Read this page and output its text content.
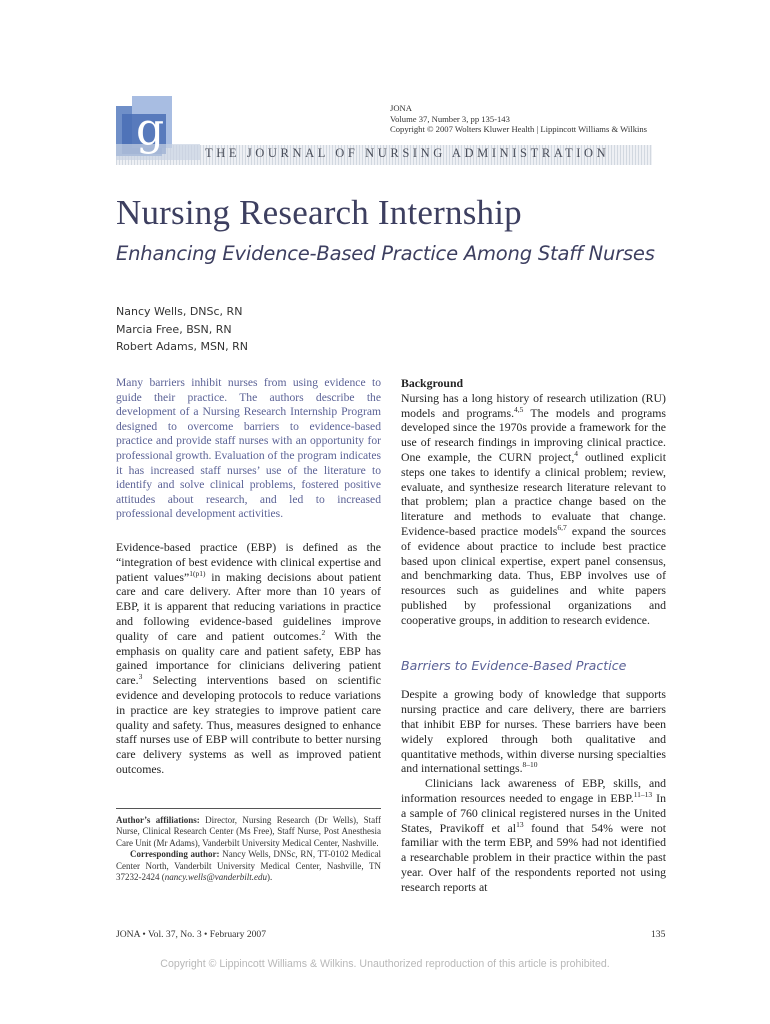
g	THE JOURNAL OF NURSING ADMINISTRATION
JONA
Volume 37, Number 3, pp 135-143
Copyright © 2007 Wolters Kluwer Health | Lippincott Williams & Wilkins
Nursing Research Internship
Enhancing Evidence-Based Practice Among Staff Nurses
Nancy Wells, DNSc, RN
Marcia Free, BSN, RN
Robert Adams, MSN, RN

Many barriers inhibit nurses from using evidence to guide their practice. The authors describe the development of a Nursing Research Internship Program designed to overcome barriers to evidence-based practice and provide staff nurses with an opportunity for professional growth. Evaluation of the program indicates it has increased staff nurses’ use of the literature to identify and solve clinical problems, fostered positive attitudes about research, and led to increased professional development activities.

Evidence-based practice (EBP) is defined as the “integration of best evidence with clinical expertise and patient values”$^{1(p1)}$ in making decisions about patient care and care delivery. After more than 10 years of EBP, it is apparent that reducing variations in practice and following evidence-based guidelines improve quality of care and patient outcomes.$^2$ With the emphasis on quality care and patient safety, EBP has gained importance for clinicians delivering patient care.$^3$ Selecting interventions based on scientific evidence and developing protocols to reduce variations in practice are key strategies to improve patient care quality and safety. Thus, measures designed to enhance staff nurses use of EBP will contribute to better nursing care delivery systems as well as improved patient outcomes.

Author’s affiliations: Director, Nursing Research (Dr Wells), Staff Nurse, Clinical Research Center (Ms Free), Staff Nurse, Post Anesthesia Care Unit (Mr Adams), Vanderbilt University Medical Center, Nashville.

Corresponding author: Nancy Wells, DNSc, RN, TT-0102 Medical Center North, Vanderbilt University Medical Center, Nashville, TN 37232-2424 (nancy.wells@vanderbilt.edu).

Background

Nursing has a long history of research utilization (RU) models and programs.$^{4,5}$ The models and programs developed since the 1970s provide a framework for the use of research findings in improving clinical practice. One example, the CURN project,$^4$ outlined explicit steps one takes to identify a clinical problem; review, evaluate, and synthesize research literature relevant to that problem; plan a practice change based on the literature and methods to evaluate that change. Evidence-based practice models$^{6,7}$ expand the sources of evidence about practice to include best practice based upon clinical expertise, expert panel consensus, and benchmarking data. Thus, EBP involves use of resources such as guidelines and white papers published by professional organizations and cooperative groups, in addition to research evidence.

Barriers to Evidence-Based Practice

Despite a growing body of knowledge that supports nursing practice and care delivery, there are barriers that inhibit EBP for nurses. These barriers have been widely explored through both qualitative and quantitative methods, within diverse nursing specialties and international settings.$^{8-10}$

Clinicians lack awareness of EBP, skills, and information resources needed to engage in EBP.$^{11-13}$ In a sample of 760 clinical registered nurses in the United States, Pravikoff et $al^{13}$ found that 54% were not familiar with the term EBP, and 59% had not identified a researchable problem in their practice within the past year. Over half of the respondents reported not using research reports at

JONA • Vol. 37, No. 3 • February 2007	135
Copyright © Lippincott Williams & Wilkins. Unauthorized reproduction of this article is prohibited.
